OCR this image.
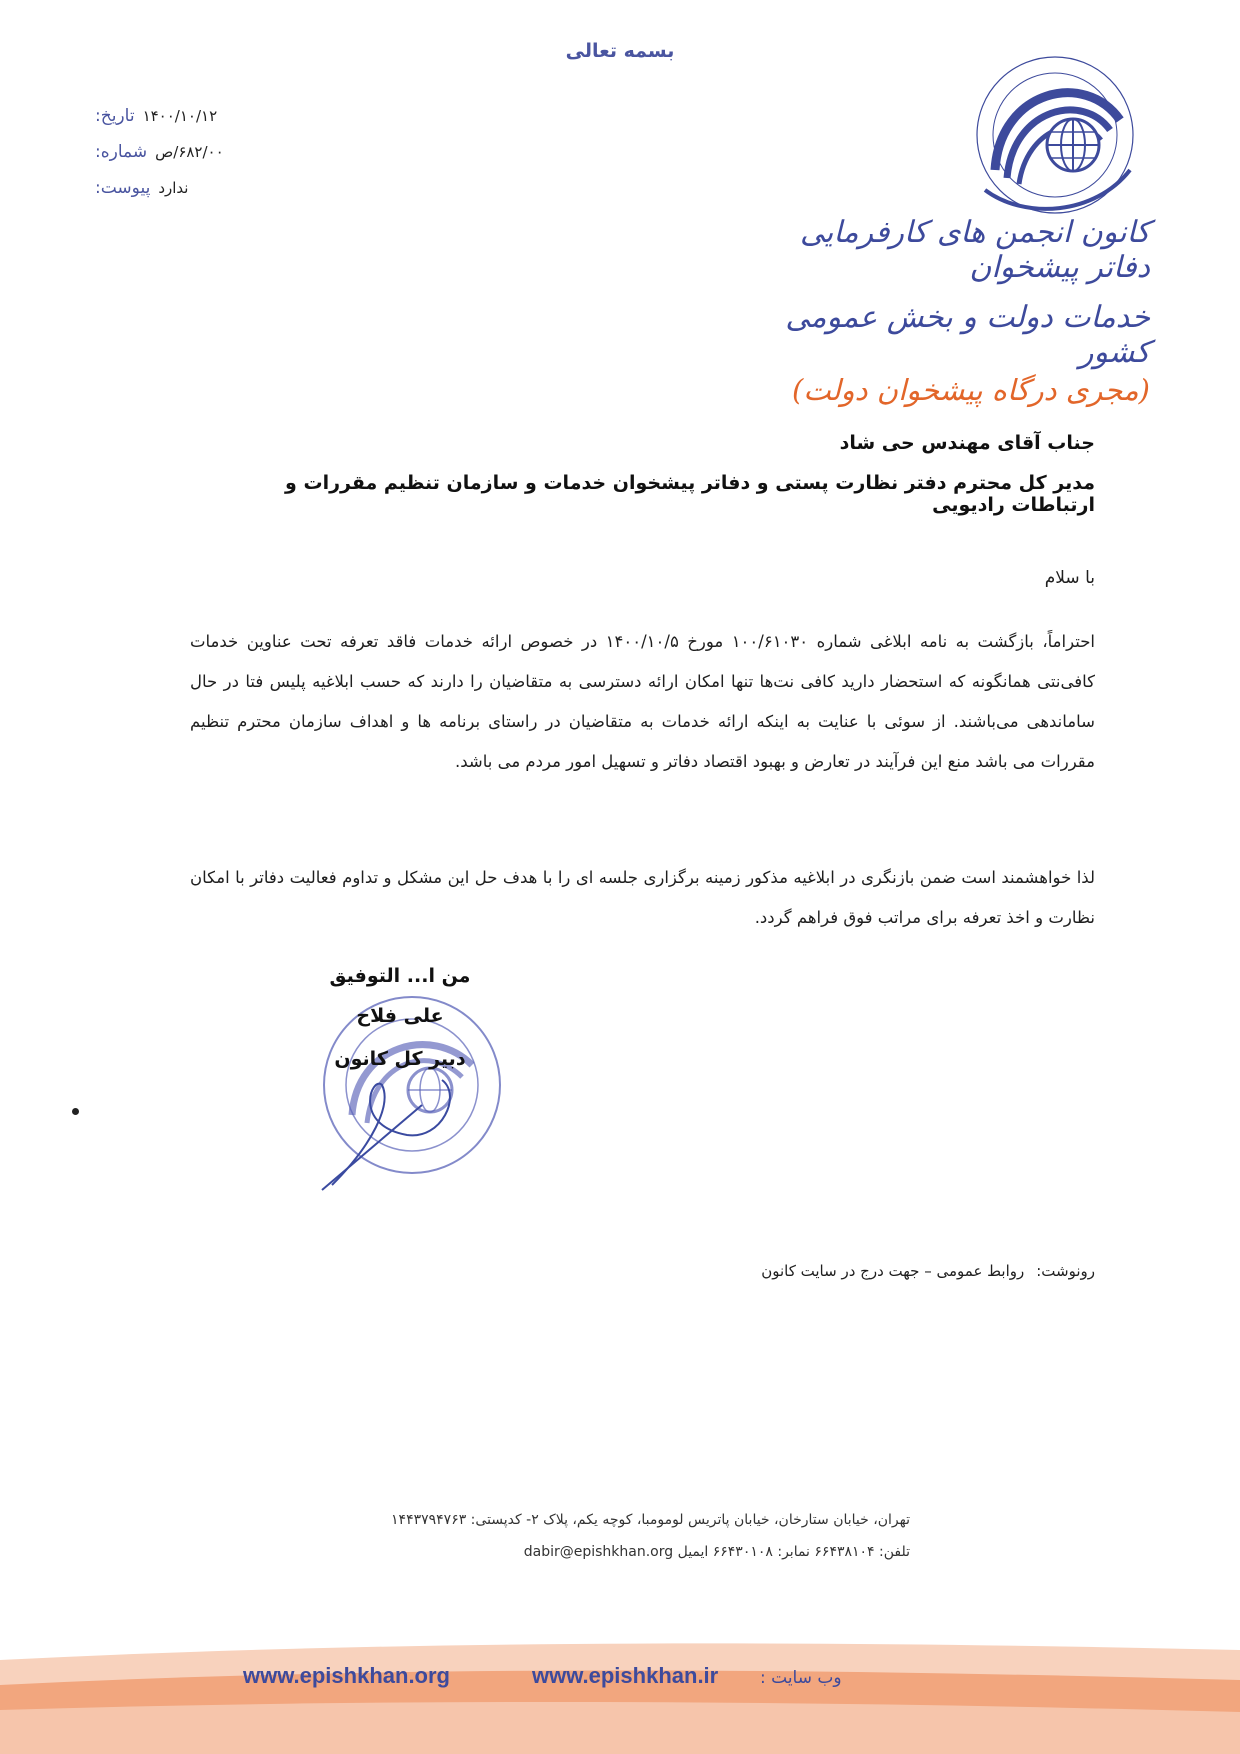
بسمه تعالی
تاریخ: ۱۴۰۰/۱۰/۱۲
شماره: ۶۸۲/۰۰/ص
پیوست: ندارد
کانون انجمن های کارفرمایی دفاتر پیشخوان
خدمات دولت و بخش عمومی کشور
(مجری درگاه پیشخوان دولت)
جناب آقای مهندس حی شاد
مدیر کل محترم دفتر نظارت پستی و دفاتر پیشخوان خدمات و سازمان تنظیم مقررات و ارتباطات رادیویی
با سلام
احتراماً، بازگشت به نامه ابلاغی شماره ۱۰۰/۶۱۰۳۰ مورخ ۱۴۰۰/۱۰/۵ در خصوص ارائه خدمات فاقد تعرفه تحت عناوین خدمات کافی‌نتی همانگونه که استحضار دارید کافی نت‌ها تنها امکان ارائه دسترسی به متقاضیان را دارند که حسب ابلاغیه پلیس فتا در حال ساماندهی می‌باشند. از سوئی با عنایت به اینکه ارائه خدمات به متقاضیان در راستای برنامه ها و اهداف سازمان محترم تنظیم مقررات می باشد منع این فرآیند در تعارض و بهبود اقتصاد دفاتر و تسهیل امور مردم می باشد.
لذا خواهشمند است ضمن بازنگری در ابلاغیه مذکور زمینه برگزاری جلسه ای را با هدف حل این مشکل و تداوم فعالیت دفاتر با امکان نظارت و اخذ تعرفه برای مراتب فوق فراهم گردد.
من ا... التوفیق
علی فلاح
دبیر کل کانون
رونوشت:
روابط عمومی – جهت درج در سایت کانون
تهران، خیابان ستارخان، خیابان پاتریس لومومبا، کوچه یکم، پلاک ۲- کدپستی: ۱۴۴۳۷۹۴۷۶۳
تلفن: ۶۶۴۳۸۱۰۴ نمابر: ۶۶۴۳۰۱۰۸ ایمیل dabir@epishkhan.org
وب سایت :
www.epishkhan.ir
www.epishkhan.org
